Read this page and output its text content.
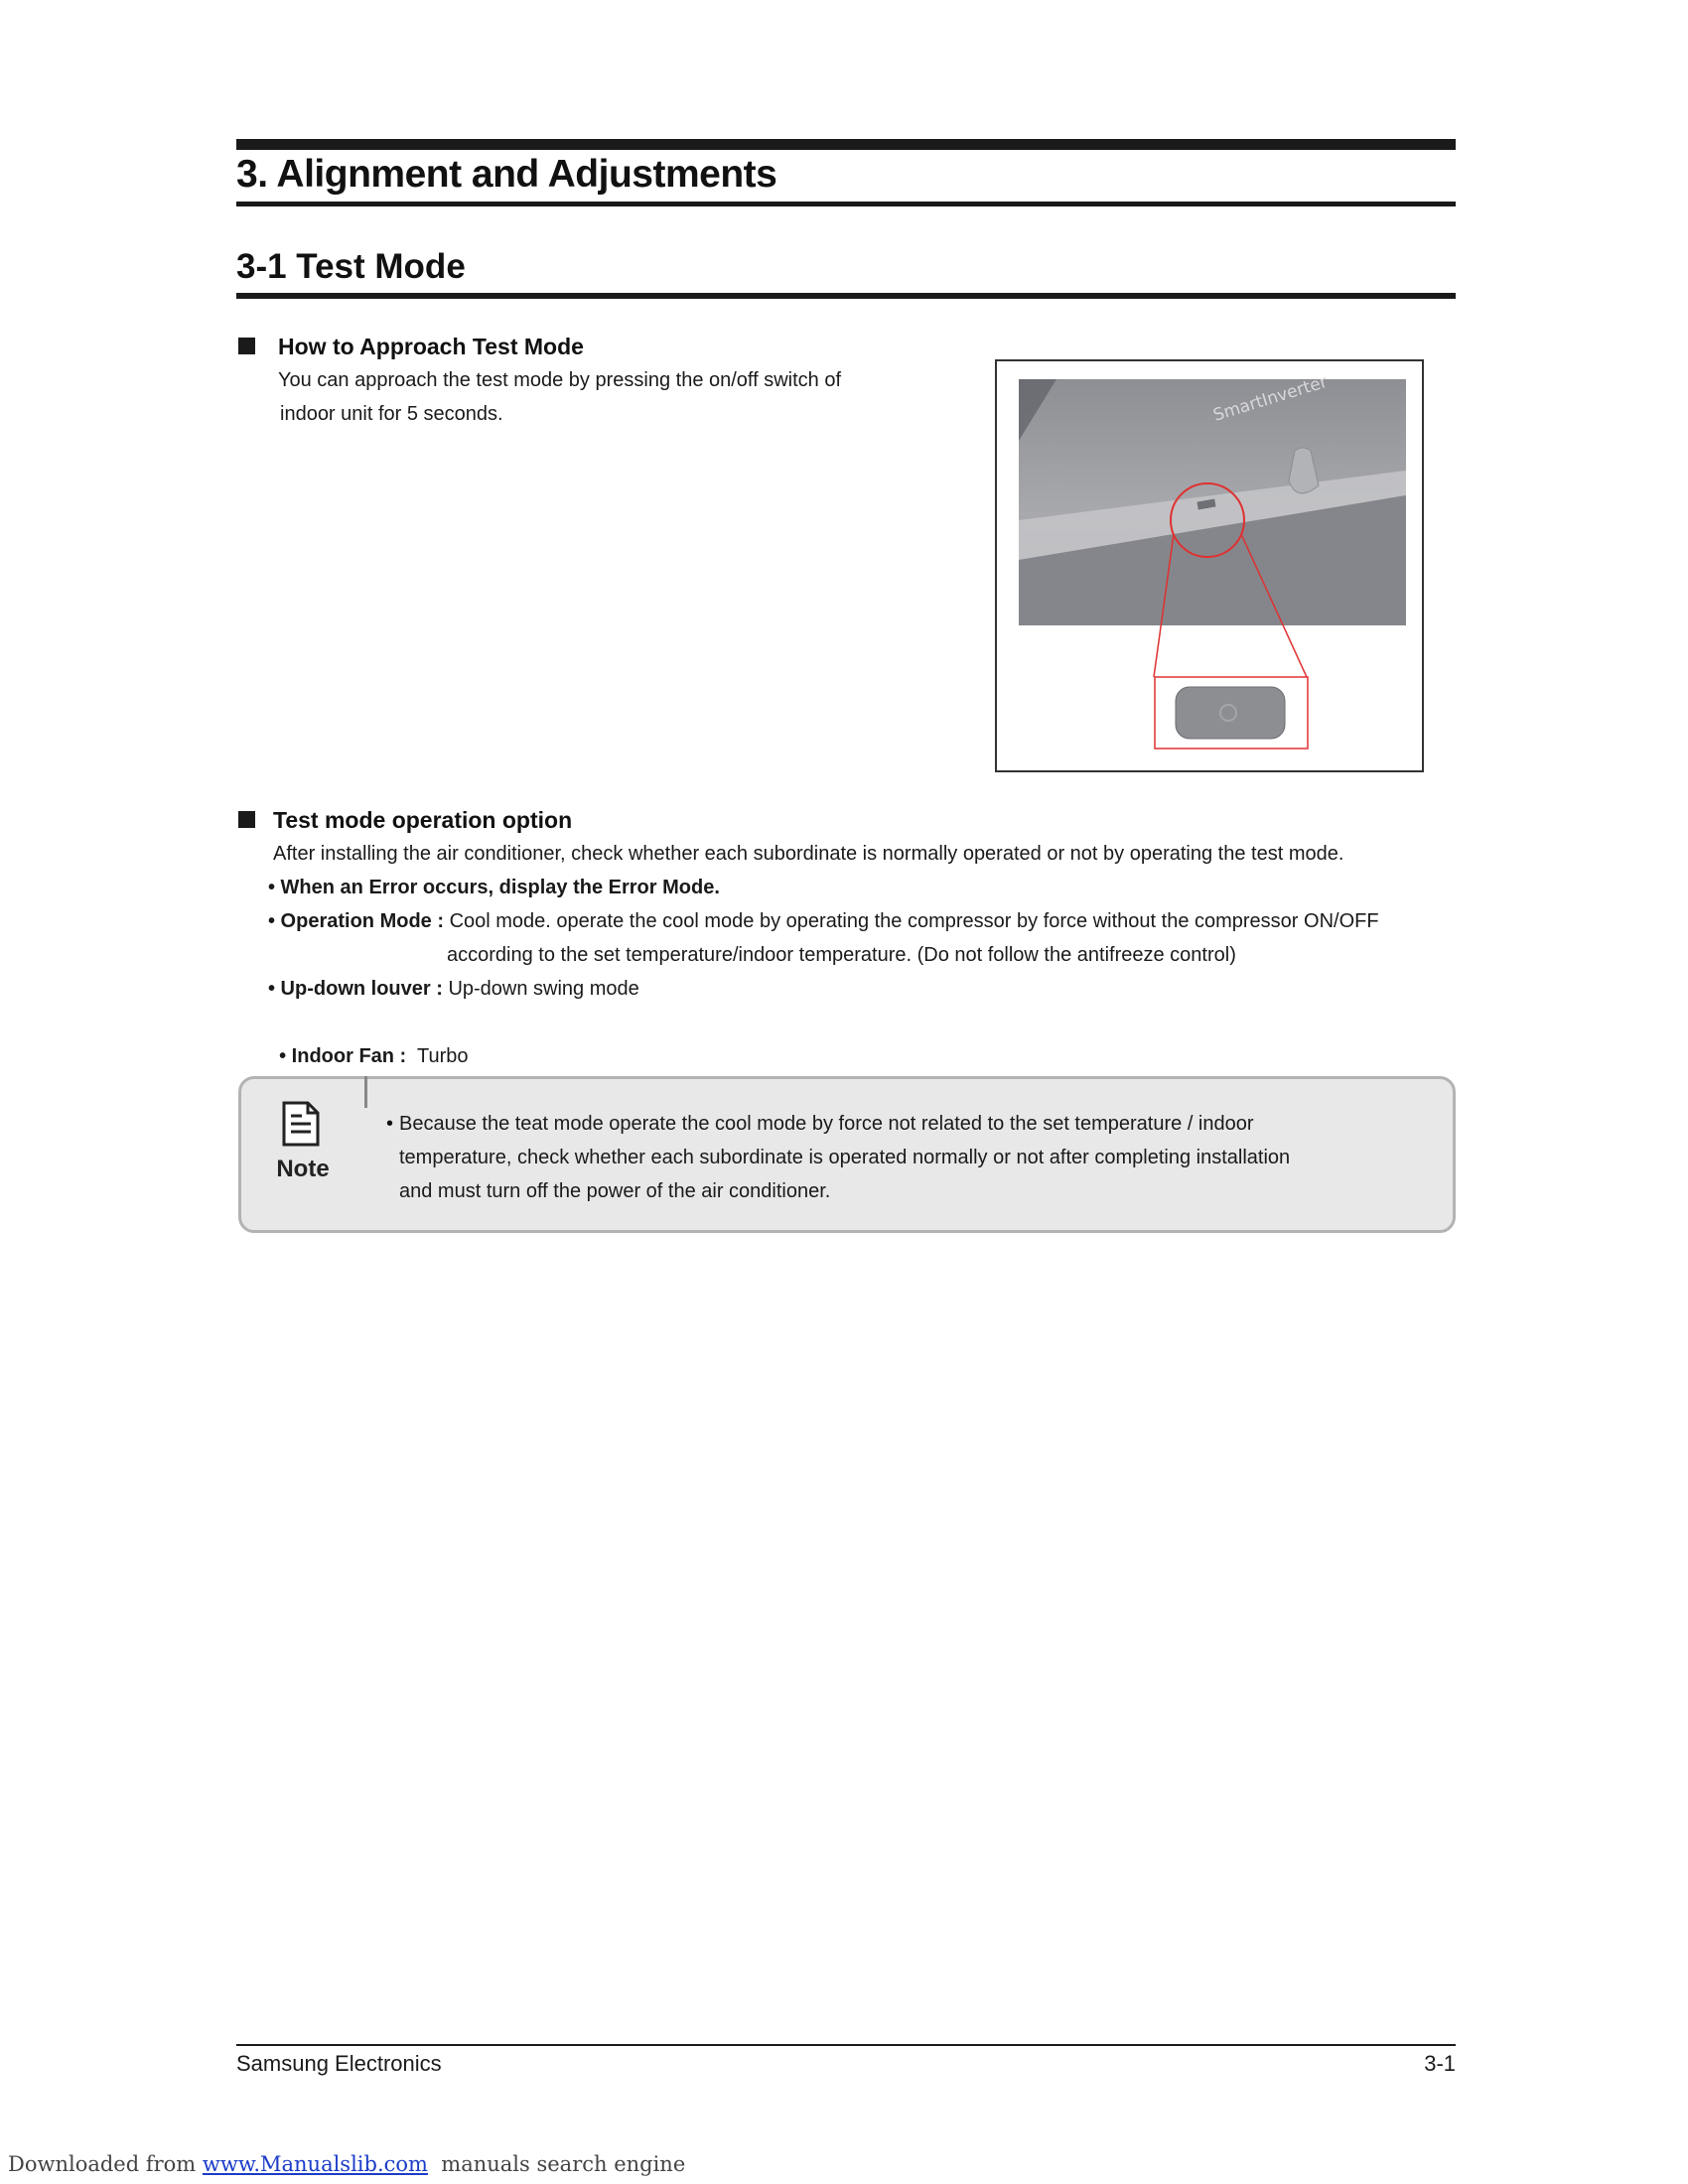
3. Alignment and Adjustments
3-1 Test Mode
How to Approach Test Mode
You can approach the test mode by pressing the on/off switch of
indoor unit for 5 seconds.	SmartInverter
Test mode operation option
After installing the air conditioner, check whether each subordinate is normally operated or not by operating the test mode.
• When an Error occurs, display the Error Mode.
• Operation Mode : Cool mode. operate the cool mode by operating the compressor by force without the compressor ON/OFF
according to the set temperature/indoor temperature. (Do not follow the antifreeze control)
• Up-down louver : Up-down swing mode

• Indoor Fan :  Turbo

Note
• Because the teat mode operate the cool mode by force not related to the set temperature / indoor
temperature, check whether each subordinate is operated normally or not after completing installation
and must turn off the power of the air conditioner.
Samsung Electronics	3-1
Downloaded from www.Manualslib.com  manuals search engine
